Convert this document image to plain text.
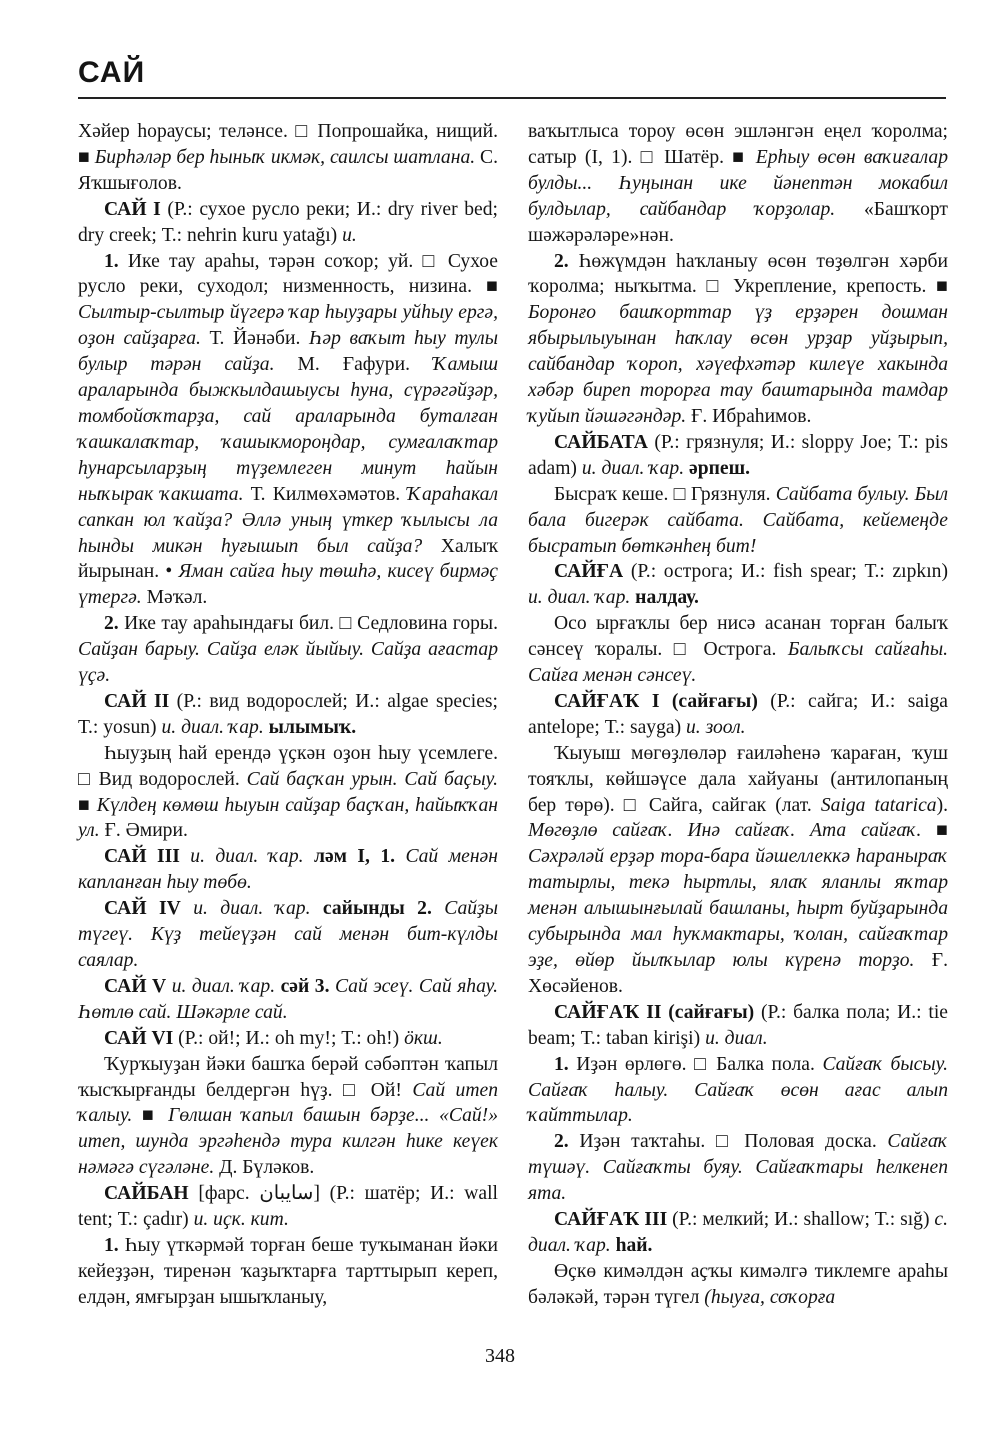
САЙ

Хәйер һораусы; теләнсе. □ Попрошайка, нищий. ■ Бирһәләр бер һыныҡ икмәк, саилсы шатлана. С. Яҡшығолов.

САЙ I (Р.: сухое русло реки; И.: dry river bed; dry creek; Т.: nehrin kuru yatağı) и.

1. Ике тау араһы, тәрән соҡор; уй. □ Сухое русло реки, суходол; низменность, низина. ■ Сылтыр-сылтыр йүгерә ҡар һыуҙары уйһыу ергә, оҙон сайҙарға. Т. Йәнәби. Һәр ваҡыт һыу тулы булыр тәрән сайҙа. М. Ғафури. Ҡамыш араларында быжкылдашыусы һуна, сүрәгәйҙәр, томбойоҡтарҙа, сай араларында буталған ҡашкалаҡтар, ҡашыкмороңдар, сумғалаҡтар һунарсыларҙың түҙемлеген минут һайын ныҡырак ҡакшата. Т. Килмөхәмәтов. Ҡараһакал сапкан юл ҡайҙа? Әллә уның үткер ҡылысы ла һынды микән һуғышып был сайҙа? Халыҡ йырынан. • Яман сайға һыу төшһә, кисеү бирмәҫ үтергә. Мәҡәл.

2. Ике тау араһындағы бил. □ Седловина горы. Сайҙан барыу. Сайҙа еләк йыйыу. Сайҙа ағастар үҫә.

САЙ II (Р.: вид водорослей; И.: algae species; Т.: yosun) и. диал. ҡар. ылымыҡ.

Һыуҙың һай ерендә үҫкән оҙон һыу үсемлеге. □ Вид водорослей. Сай баҫҡан урын. Сай баҫыу. ■ Күлдең көмөш һыуын сайҙар баҫҡан, һайыҡҡан ул. Ғ. Әмири.

САЙ III и. диал. ҡар. ләм I, 1. Сай менән капланған һыу төбө.

САЙ IV и. диал. ҡар. сайынды 2. Сайҙы түгеү. Күҙ тейеүҙән сай менән бит-күлды саялар.

САЙ V и. диал. ҡар. сәй 3. Сай эсеү. Сай яһау. Һөтлө сай. Шәкәрле сай.

САЙ VI (Р.: ой!; И.: oh my!; Т.: oh!) ӧкш.

Ҡурҡыуҙан йәки башҡа берәй сәбәптән ҡапыл ҡысҡырғанды белдергән һүҙ. □ Ой! Сай итеп ҡалыу. ■ Гөлшан ҡапыл башын бәрҙе... «Сай!» итеп, шунда эргәһендә тура килгән һике кеүек нәмәгә сүгәләне. Д. Бүләков.

САЙБАН [фарс. سايبان] (Р.: шатёр; И.: wall tent; Т.: çadır) и. иҫк. кит.

1. Һыу үткәрмәй торған беше туҡыманан йәки кейеҙҙән, тиренән ҡаҙыҡтарға тарттырып кереп, елдән, ямғырҙан ышыҡланыу,

ваҡытлыса тороу өсөн эшләнгән еңел ҡоролма; сатыр (I, 1). □ Шатёр. ■ Ерһыу өсөн ваҡиғалар булды... Һуңынан ике йәнептән мокабил булдылар, сайбандар ҡорҙолар. «Башҡорт шәжәрәләре»нән.

2. Һөжүмдән һаҡланыу өсөн төҙөлгән хәрби ҡоролма; ныҡытма. □ Укрепление, крепость. ■ Боронғо башҡорттар үҙ ерҙәрен дошман ябырылыуынан һаҡлау өсөн урҙар уйҙырып, сайбандар ҡороп, хәүефхәтәр килеүе хакында хәбәр биреп торорға тау баштарында тамдар ҡуйып йәшәгәндәр. Ғ. Ибраһимов.

САЙБАТА (Р.: грязнуля; И.: sloppy Joe; Т.: pis adam) и. диал. ҡар. әрпеш.

Бысраҡ кеше. □ Грязнуля. Сайбата булыу. Был бала бигерәк сайбата. Сайбата, кейемеңде бысратып бөткәнһең бит!

САЙҒА (Р.: острога; И.: fish spear; Т.: zıpkın) и. диал. ҡар. налдау.

Осо ырғаҡлы бер нисә асанан торған балыҡ сәнсеү ҡоралы. □ Острога. Балыҡсы сайғаһы. Сайға менән сәнсеү.

САЙҒАҠ I (сайғағы) (Р.: сайга; И.: saiga antelope; Т.: sayga) и. зоол.

Ҡыуыш мөгөҙлөләр ғаиләһенә ҡараған, ҡуш тояҡлы, көйшәүсе дала хайуаны (антилопаның бер төрө). □ Сайга, сайгак (лат. Saiga tatarica). Мөгөҙлө сайғаҡ. Инә сайғаҡ. Ата сайғаҡ. ■ Сәхрәләй ерҙәр тора-бара йәшеллеккә һараныраҡ татырлы, текә һыртлы, ялаҡ яланлы яҡтар менән алышынғылай башланы, һырт буйҙарында субырында мал һуҡмактары, ҡолан, сайғаҡтар эҙе, өйөр йылҡылар юлы күренә торҙо. Ғ. Хөсәйенов.

САЙҒАҠ II (сайғағы) (Р.: балка пола; И.: tie beam; Т.: taban kirişi) и. диал.

1. Иҙән өрлөгө. □ Балка пола. Сайғаҡ бысыу. Сайғаҡ һалыу. Сайғаҡ өсөн ағас алып ҡайттылар.

2. Иҙән таҡтаһы. □ Половая доска. Сайғаҡ түшәү. Сайғаҡты буяу. Сайғаҡтары һелкенеп ята.

САЙҒАҠ III (Р.: мелкий; И.: shallow; Т.: sığ) с. диал. ҡар. һай.

Өҫкө кимәлдән аҫҡы кимәлгә тиклемге араһы бәләкәй, тәрән түгел (һыуға, соҡорға

348
